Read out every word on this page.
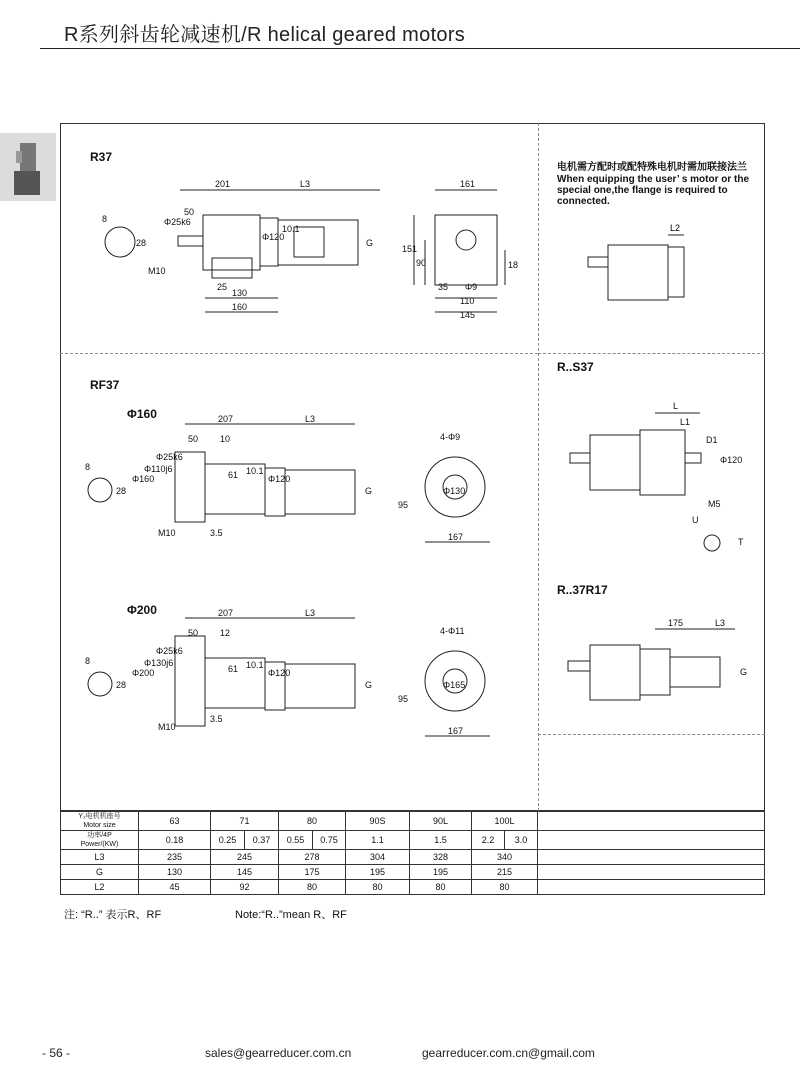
R系列斜齿轮减速机/R helical geared motors
R37
RF37
Φ160
Φ200
R..S37
R..37R17
电机需方配时或配特殊电机时需加联接法兰
When equipping the user’ s motor or the special one,the flange is required to connected.
201	L3
50
8
28
Φ25k6
M10
Φ120
10.1
G
25
130
160
161
151
90	18
35 Φ9
110
145
L2
207	L3
50 10
8
28
Φ160
Φ110j6
Φ25k6
M10	3.5
61 10.1
Φ120
G
4-Φ9
Φ130
95
167
207	L3
50 12
8
28
Φ200
Φ130j6
Φ25k6
M10
3.5
61 10.1
Φ120
G
4-Φ11
Φ165
95
167
L
L1
D1
Φ120
M5
U
T
175	L3
G
Y₂电机机座号
Motor size	63	71		80		90S	90L	100L		
功率/4P
Power/(KW)	0.18	0.25	0.37	0.55	0.75	1.1	1.5	2.2	3.0	
L3	235	245		278		304	328	340		
G	130	145		175		195	195	215		
L2	45	92		80		80	80	80		
注: “R..” 表示R、RF	Note:“R..”mean R、RF
- 56 -	sales@gearreducer.com.cn	gearreducer.com.cn@gmail.com
